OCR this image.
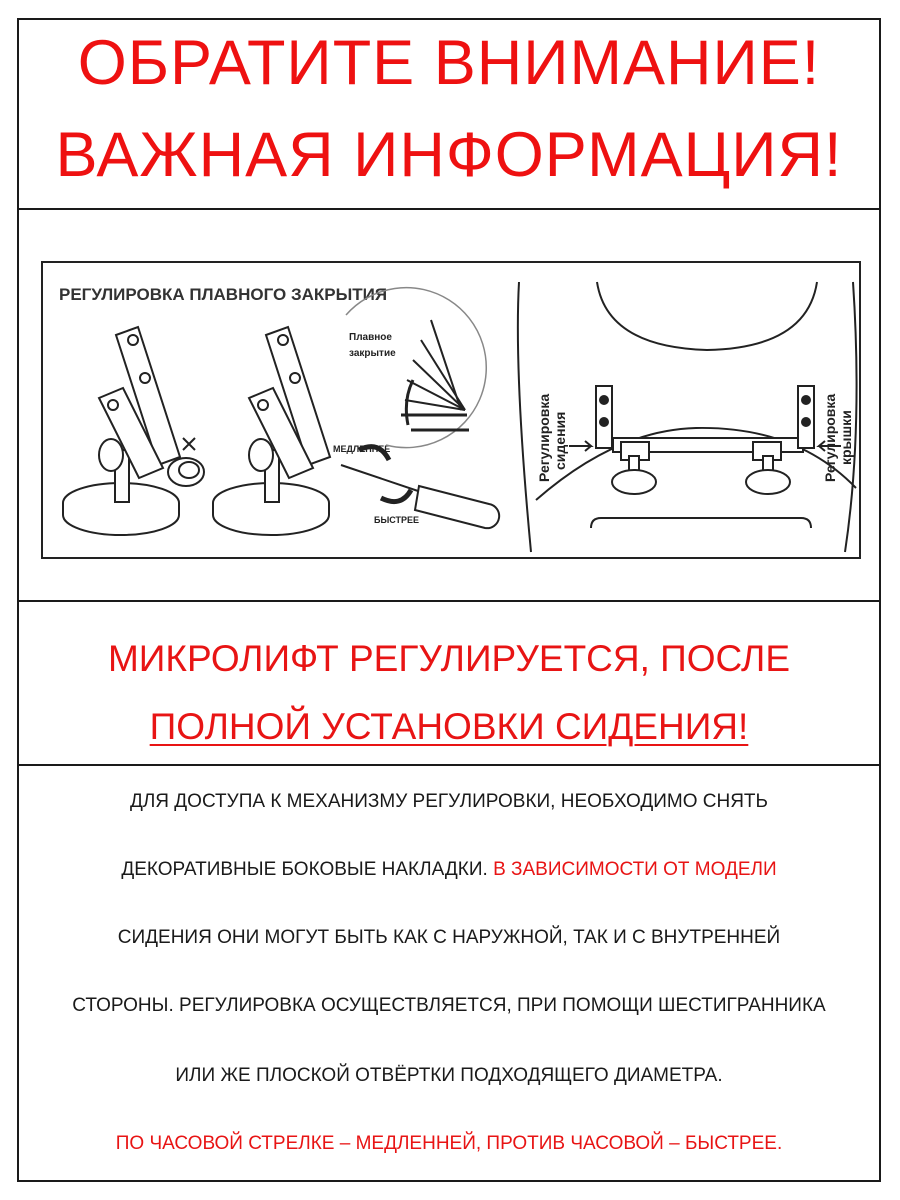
ОБРАТИТЕ ВНИМАНИЕ!
ВАЖНАЯ ИНФОРМАЦИЯ!
РЕГУЛИРОВКА ПЛАВНОГО ЗАКРЫТИЯ
МЕДЛЕННЕЕ
БЫСТРЕЕ
Плавное
закрытие
Регулировка сидения	Регулировка крышки
МИКРОЛИФТ РЕГУЛИРУЕТСЯ, ПОСЛЕ
ПОЛНОЙ УСТАНОВКИ СИДЕНИЯ!
ДЛЯ ДОСТУПА К МЕХАНИЗМУ РЕГУЛИРОВКИ, НЕОБХОДИМО СНЯТЬ
ДЕКОРАТИВНЫЕ БОКОВЫЕ НАКЛАДКИ. В ЗАВИСИМОСТИ ОТ МОДЕЛИ
СИДЕНИЯ ОНИ МОГУТ БЫТЬ КАК С НАРУЖНОЙ, ТАК И С ВНУТРЕННЕЙ
СТОРОНЫ. РЕГУЛИРОВКА ОСУЩЕСТВЛЯЕТСЯ, ПРИ ПОМОЩИ ШЕСТИГРАННИКА
ИЛИ ЖЕ ПЛОСКОЙ ОТВЁРТКИ ПОДХОДЯЩЕГО ДИАМЕТРА.
ПО ЧАСОВОЙ СТРЕЛКЕ – МЕДЛЕННЕЙ, ПРОТИВ ЧАСОВОЙ – БЫСТРЕЕ.
